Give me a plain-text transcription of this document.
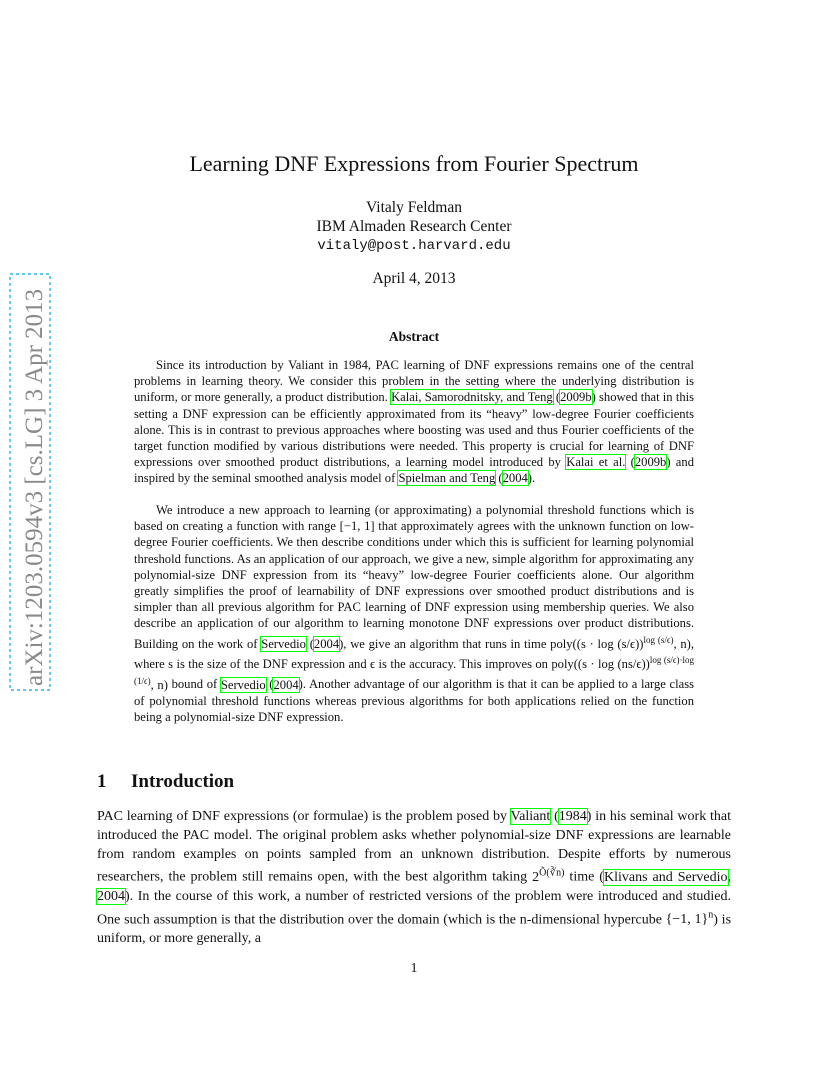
arXiv:1203.0594v3 [cs.LG] 3 Apr 2013
Learning DNF Expressions from Fourier Spectrum
Vitaly Feldman
IBM Almaden Research Center
vitaly@post.harvard.edu
April 4, 2013
Abstract
Since its introduction by Valiant in 1984, PAC learning of DNF expressions remains one of the central problems in learning theory. We consider this problem in the setting where the underlying distribution is uniform, or more generally, a product distribution. Kalai, Samorodnitsky, and Teng (2009b) showed that in this setting a DNF expression can be efficiently approximated from its “heavy” low-degree Fourier coefficients alone. This is in contrast to previous approaches where boosting was used and thus Fourier coefficients of the target function modified by various distributions were needed. This property is crucial for learning of DNF expressions over smoothed product distributions, a learning model introduced by Kalai et al. (2009b) and inspired by the seminal smoothed analysis model of Spielman and Teng (2004).
We introduce a new approach to learning (or approximating) a polynomial threshold functions which is based on creating a function with range [−1, 1] that approximately agrees with the unknown function on low-degree Fourier coefficients. We then describe conditions under which this is sufficient for learning polynomial threshold functions. As an application of our approach, we give a new, simple algorithm for approximating any polynomial-size DNF expression from its “heavy” low-degree Fourier coefficients alone. Our algorithm greatly simplifies the proof of learnability of DNF expressions over smoothed product distributions and is simpler than all previous algorithm for PAC learning of DNF expression using membership queries. We also describe an application of our algorithm to learning monotone DNF expressions over product distributions. Building on the work of Servedio (2004), we give an algorithm that runs in time poly((s · log (s/ϵ))$^{log (s/\epsilon)}$, n), where s is the size of the DNF expression and ϵ is the accuracy. This improves on poly((s · log (ns/ϵ))$^{log (s/\epsilon)\cdot log (1/\epsilon)}$, n) bound of Servedio (2004). Another advantage of our algorithm is that it can be applied to a large class of polynomial threshold functions whereas previous algorithms for both applications relied on the function being a polynomial-size DNF expression.
1 Introduction
PAC learning of DNF expressions (or formulae) is the problem posed by Valiant (1984) in his seminal work that introduced the PAC model. The original problem asks whether polynomial-size DNF expressions are learnable from random examples on points sampled from an unknown distribution. Despite efforts by numerous researchers, the problem still remains open, with the best algorithm taking $2^{Õ(∛n)}$ time (Klivans and Servedio, 2004). In the course of this work, a number of restricted versions of the problem were introduced and studied. One such assumption is that the distribution over the domain (which is the n-dimensional hypercube {−1, 1}$^n$) is uniform, or more generally, a
1
